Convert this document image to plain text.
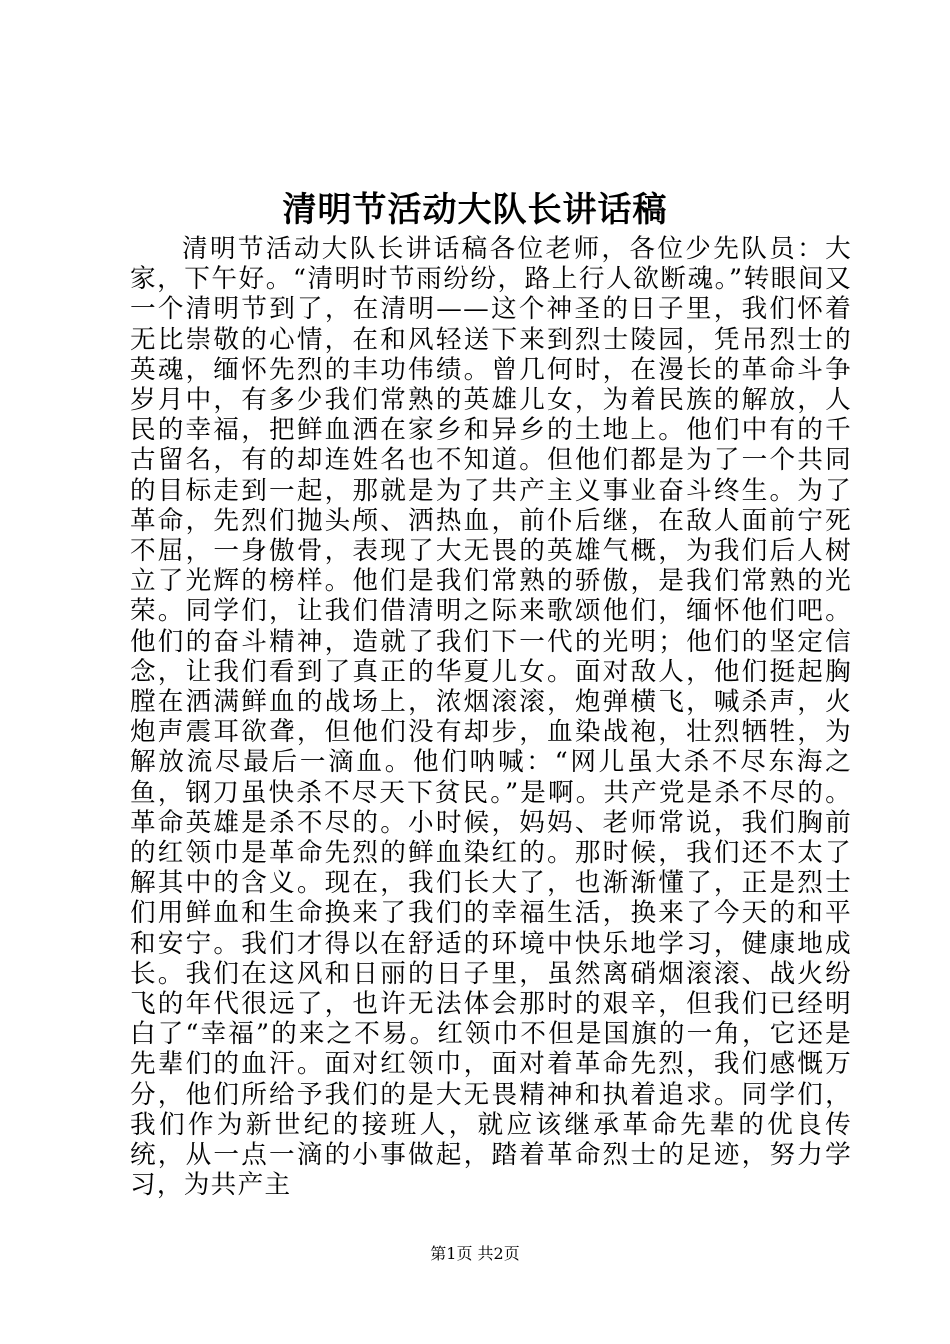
清明节活动大队长讲话稿

清明节活动大队长讲话稿各位老师，各位少先队员：大家，下午好。“清明时节雨纷纷，路上行人欲断魂。”转眼间又一个清明节到了，在清明——这个神圣的日子里，我们怀着无比崇敬的心情，在和风轻送下来到烈士陵园，凭吊烈士的英魂，缅怀先烈的丰功伟绩。曾几何时，在漫长的革命斗争岁月中，有多少我们常熟的英雄儿女，为着民族的解放，人民的幸福，把鲜血洒在家乡和异乡的土地上。他们中有的千古留名，有的却连姓名也不知道。但他们都是为了一个共同的目标走到一起，那就是为了共产主义事业奋斗终生。为了革命，先烈们抛头颅、洒热血，前仆后继，在敌人面前宁死不屈，一身傲骨，表现了大无畏的英雄气概，为我们后人树立了光辉的榜样。他们是我们常熟的骄傲，是我们常熟的光荣。同学们，让我们借清明之际来歌颂他们，缅怀他们吧。他们的奋斗精神，造就了我们下一代的光明；他们的坚定信念，让我们看到了真正的华夏儿女。面对敌人，他们挺起胸膛在洒满鲜血的战场上，浓烟滚滚，炮弹横飞，喊杀声，火炮声震耳欲聋，但他们没有却步，血染战袍，壮烈牺牲，为解放流尽最后一滴血。他们呐喊：“网儿虽大杀不尽东海之鱼，钢刀虽快杀不尽天下贫民。”是啊。共产党是杀不尽的。革命英雄是杀不尽的。小时候，妈妈、老师常说，我们胸前的红领巾是革命先烈的鲜血染红的。那时候，我们还不太了解其中的含义。现在，我们长大了，也渐渐懂了，正是烈士们用鲜血和生命换来了我们的幸福生活，换来了今天的和平和安宁。我们才得以在舒适的环境中快乐地学习，健康地成长。我们在这风和日丽的日子里，虽然离硝烟滚滚、战火纷飞的年代很远了，也许无法体会那时的艰辛，但我们已经明白了“幸福”的来之不易。红领巾不但是国旗的一角，它还是先辈们的血汗。面对红领巾，面对着革命先烈，我们感慨万分，他们所给予我们的是大无畏精神和执着追求。同学们，我们作为新世纪的接班人，就应该继承革命先辈的优良传统，从一点一滴的小事做起，踏着革命烈士的足迹，努力学习，为共产主

第1页 共2页
